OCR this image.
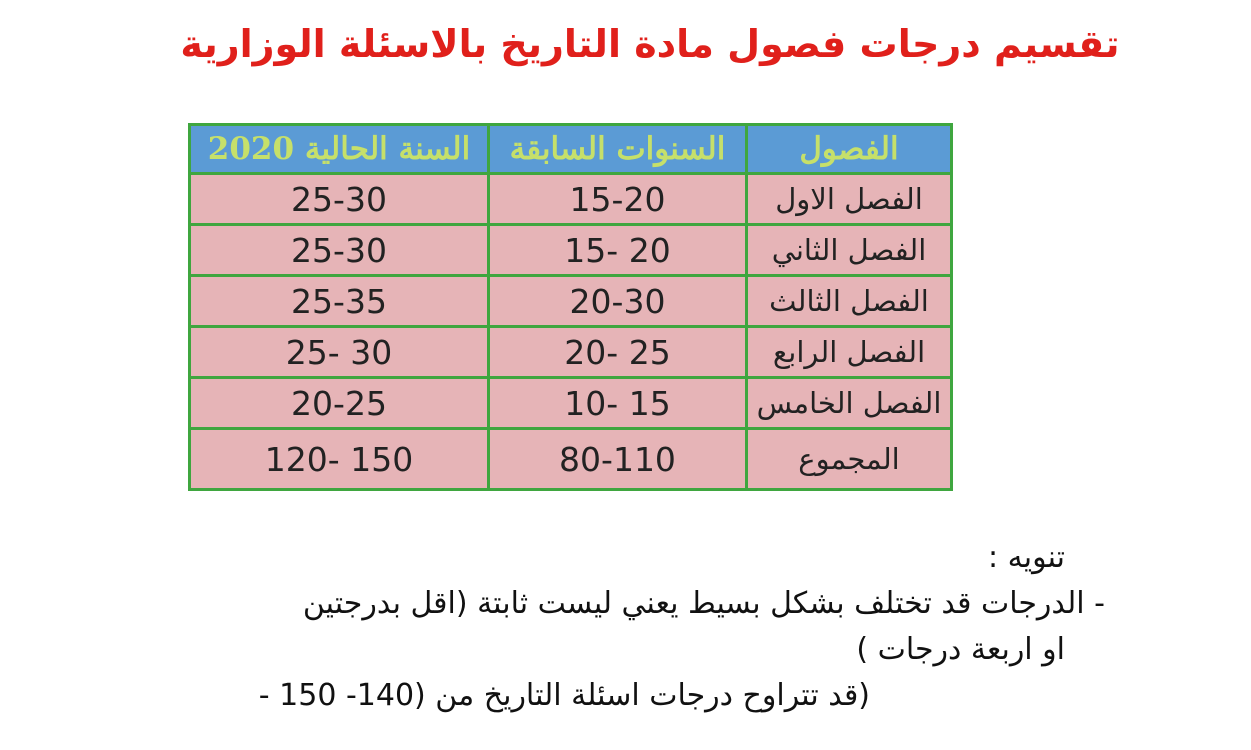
تقسيم درجات فصول مادة التاريخ بالاسئلة الوزارية
الفصول	السنوات السابقة	السنة الحالية 2020
الفصل الاول	15-20	25-30
الفصل الثاني	20 -15	25-30
الفصل الثالث	20-30	25-35
الفصل الرابع	25 -20	30 -25
الفصل الخامس	15 -10	20-25
المجموع	80-110	150 -120

تنويه :

- الدرجات قد تختلف بشكل بسيط يعني ليست ثابتة (اقل بدرجتين

او اربعة درجات )

(قد تتراوح درجات اسئلة التاريخ من (140- 150 -
